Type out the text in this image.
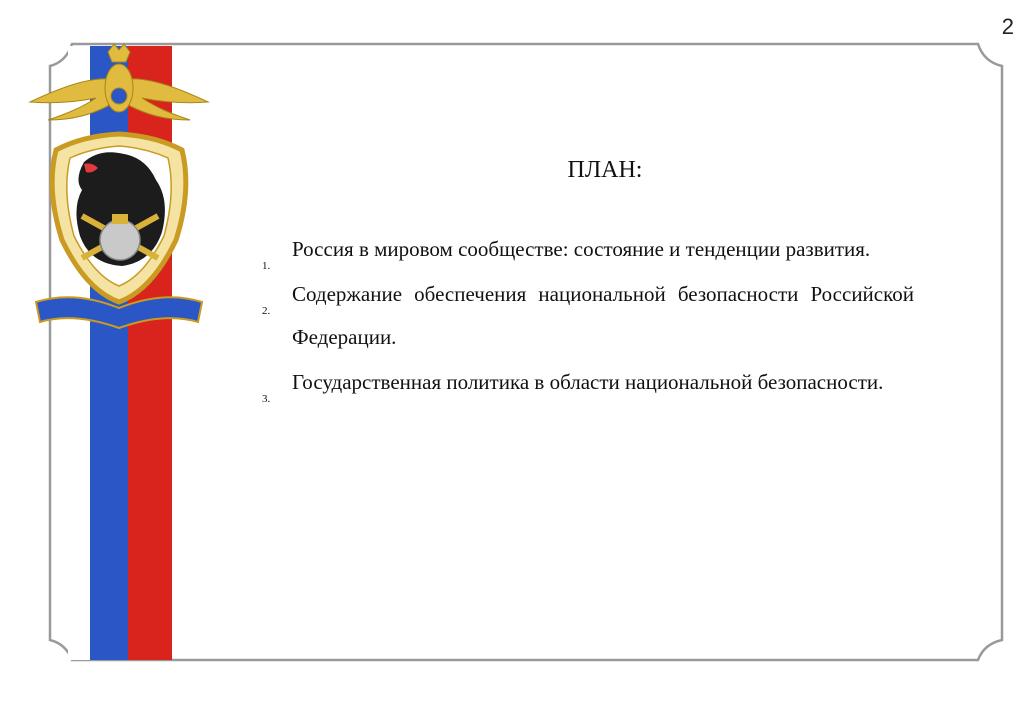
2
ПЛАН:
1.
Россия в мировом сообществе: состояние и тенденции развития.
2.
Содержание обеспечения национальной безопасности Российской Федерации.
3.
Государственная политика в области национальной безопасности.
